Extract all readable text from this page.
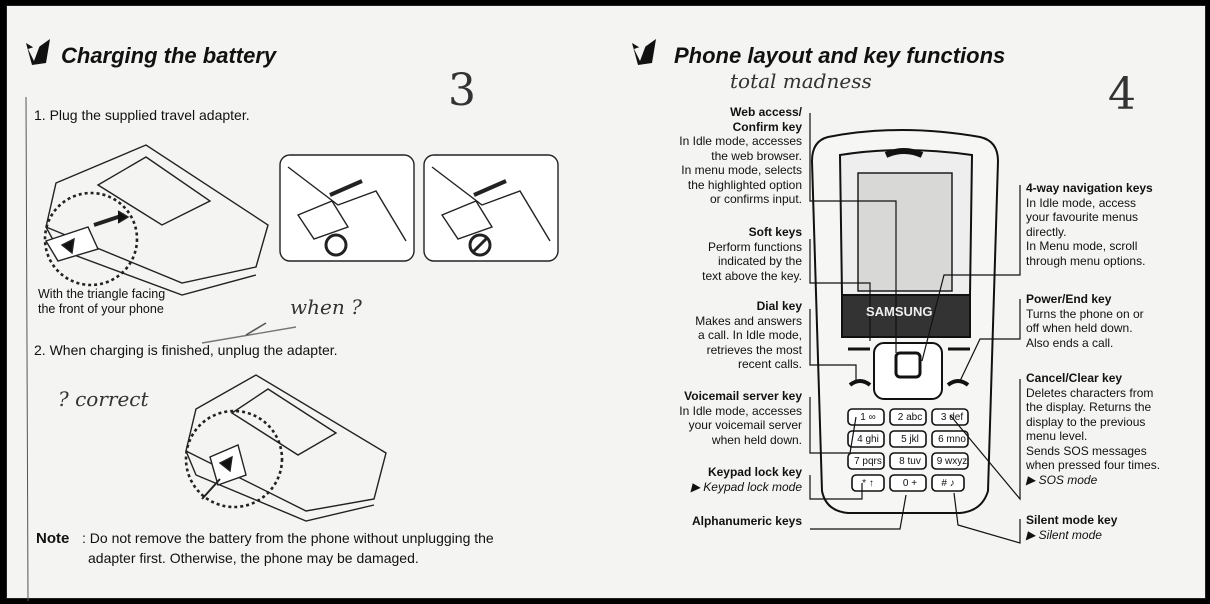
Charging the battery
3
1. Plug the supplied travel adapter.
With the triangle facing
the front of your phone	when ?
2. When charging is finished, unplug the adapter.
? correct
Note : Do not remove the battery from the phone without unplugging the
adapter first. Otherwise, the phone may be damaged.
Phone layout and key functions
total madness	4
SAMSUNG
1 ∞	2 abc	3 def
4 ghi	5 jkl	6 mno
7 pqrs	8 tuv	9 wxyz
* ↑	0 +	# ♪
Web access/
Confirm key
In Idle mode, accesses
the web browser.
In menu mode, selects
the highlighted option
or confirms input.
Soft keys
Perform functions
indicated by the
text above the key.
Dial key
Makes and answers
a call. In Idle mode,
retrieves the most
recent calls.
Voicemail server key
In Idle mode, accesses
your voicemail server
when held down.
Keypad lock key
▶ Keypad lock mode
Alphanumeric keys
4-way navigation keys
In Idle mode, access
your favourite menus
directly.
In Menu mode, scroll
through menu options.
Power/End key
Turns the phone on or
off when held down.
Also ends a call.
Cancel/Clear key
Deletes characters from
the display. Returns the
display to the previous
menu level.
Sends SOS messages
when pressed four times.
▶ SOS mode
Silent mode key
▶ Silent mode
